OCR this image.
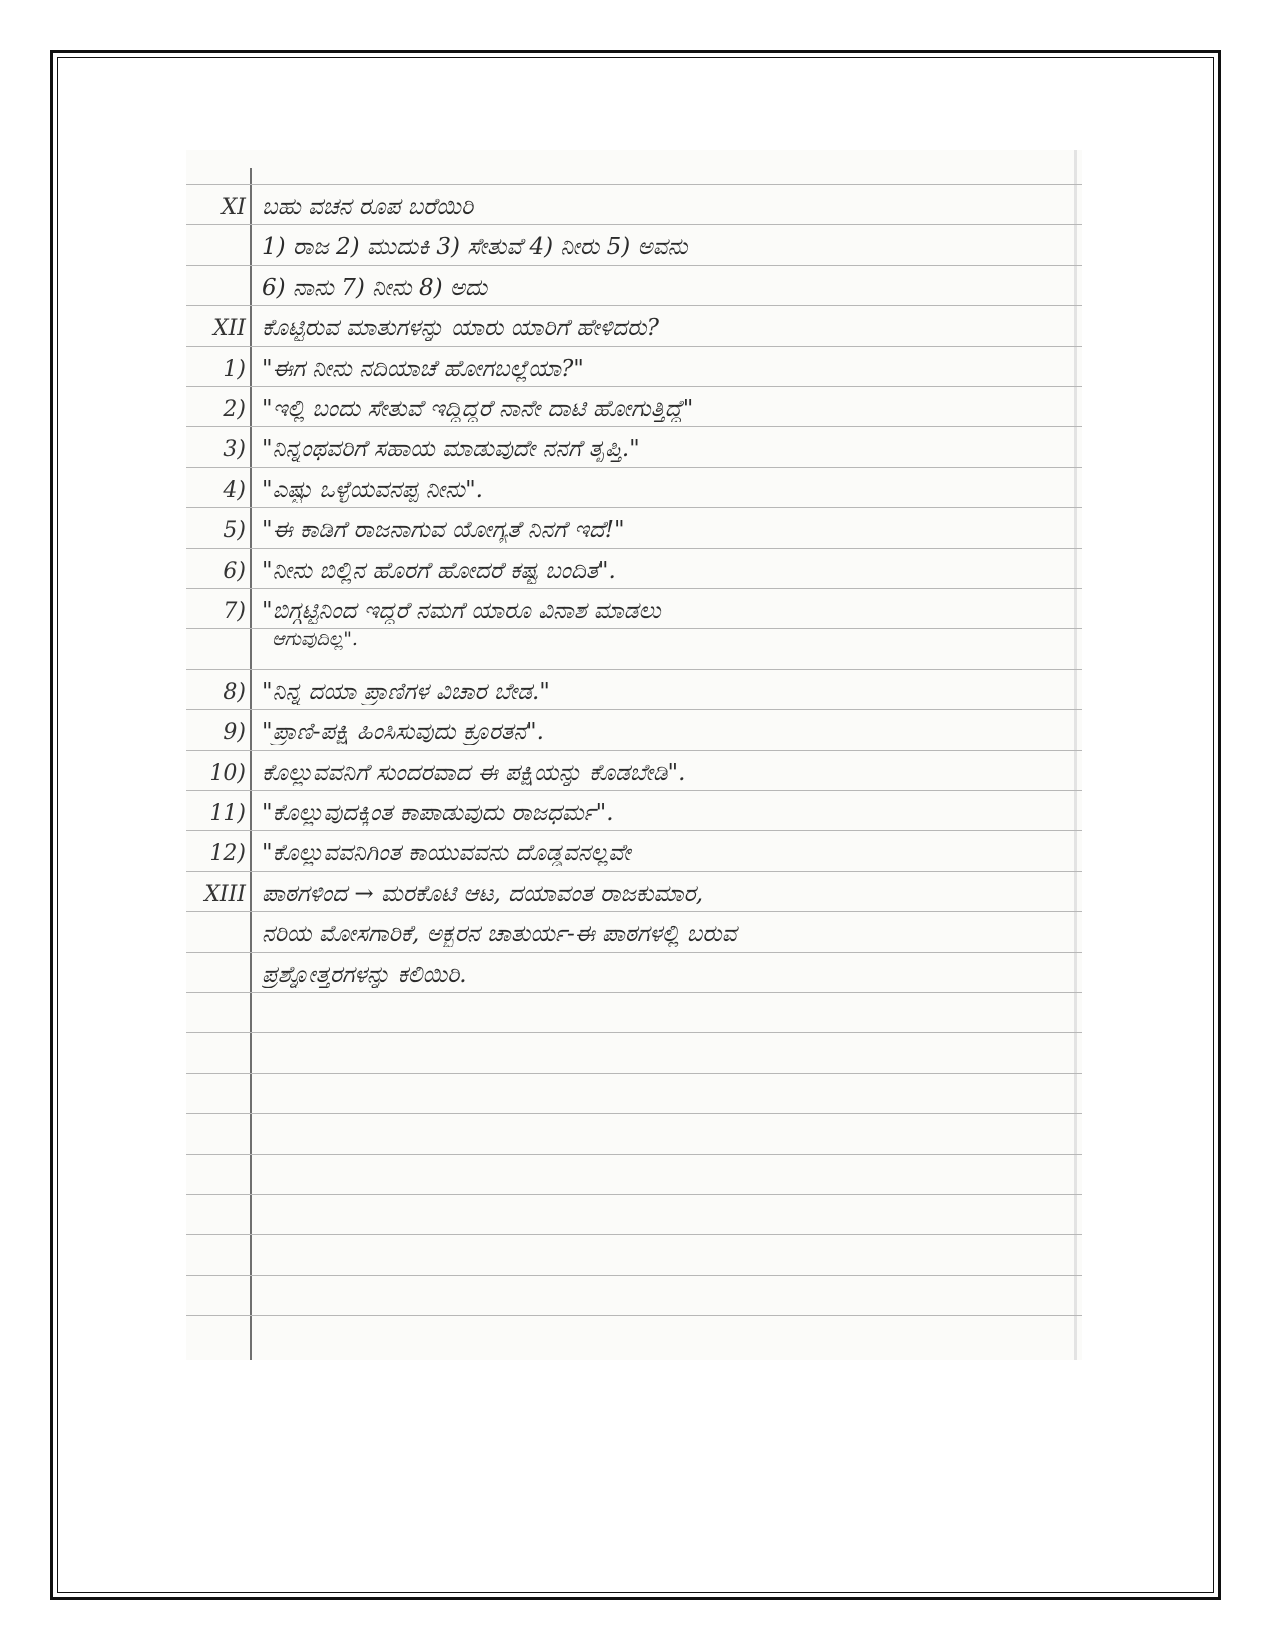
XI ಬಹು ವಚನ ರೂಪ ಬರೆಯಿರಿ
1) ರಾಜ 2) ಮುದುಕಿ 3) ಸೇತುವೆ 4) ನೀರು 5) ಅವನು
6) ನಾನು 7) ನೀನು 8) ಅದು
XII ಕೊಟ್ಟಿರುವ ಮಾತುಗಳನ್ನು ಯಾರು ಯಾರಿಗೆ ಹೇಳಿದರು?
1) "ಈಗ ನೀನು ನದಿಯಾಚೆ ಹೋಗಬಲ್ಲೆಯಾ?"
2) "ಇಲ್ಲಿ ಬಂದು ಸೇತುವೆ ಇದ್ದಿದ್ದರೆ ನಾನೇ ದಾಟಿ ಹೋಗುತ್ತಿದ್ದೆ"
3) "ನಿನ್ನಂಥವರಿಗೆ ಸಹಾಯ ಮಾಡುವುದೇ ನನಗೆ ತೃಪ್ತಿ."
4) "ಎಷ್ಟು ಒಳ್ಳೆಯವನಪ್ಪ ನೀನು".
5) "ಈ ಕಾಡಿಗೆ ರಾಜನಾಗುವ ಯೋಗ್ಯತೆ ನಿನಗೆ ಇದೆ!"
6) "ನೀನು ಬಿಲ್ಲಿನ ಹೊರಗೆ ಹೋದರೆ ಕಷ್ಟ ಬಂದಿತ".
7) "ಬಿಗ್ಗಟ್ಟಿನಿಂದ ಇದ್ದರೆ ನಮಗೆ ಯಾರೂ ವಿನಾಶ ಮಾಡಲು
ಆಗುವುದಿಲ್ಲ".
8) "ನಿನ್ನ ದಯಾ ಪ್ರಾಣಿಗಳ ವಿಚಾರ ಬೇಡ."
9) "ಪ್ರಾಣಿ-ಪಕ್ಷಿ ಹಿಂಸಿಸುವುದು ಕ್ರೂರತನ".
10) ಕೊಲ್ಲುವವನಿಗೆ ಸುಂದರವಾದ ಈ ಪಕ್ಷಿಯನ್ನು ಕೊಡಬೇಡಿ".
11) "ಕೊಲ್ಲುವುದಕ್ಕಿಂತ ಕಾಪಾಡುವುದು ರಾಜಧರ್ಮ".
12) "ಕೊಲ್ಲುವವನಿಗಿಂತ ಕಾಯುವವನು ದೊಡ್ಡವನಲ್ಲವೇ
XIII ಪಾಠಗಳಿಂದ → ಮರಕೊಟಿ ಆಟ, ದಯಾವಂತ ರಾಜಕುಮಾರ,
ನರಿಯ ಮೋಸಗಾರಿಕೆ, ಅಕ್ಬರನ ಚಾತುರ್ಯ-ಈ ಪಾಠಗಳಲ್ಲಿ ಬರುವ
ಪ್ರಶ್ನೋತ್ತರಗಳನ್ನು ಕಲಿಯಿರಿ.
